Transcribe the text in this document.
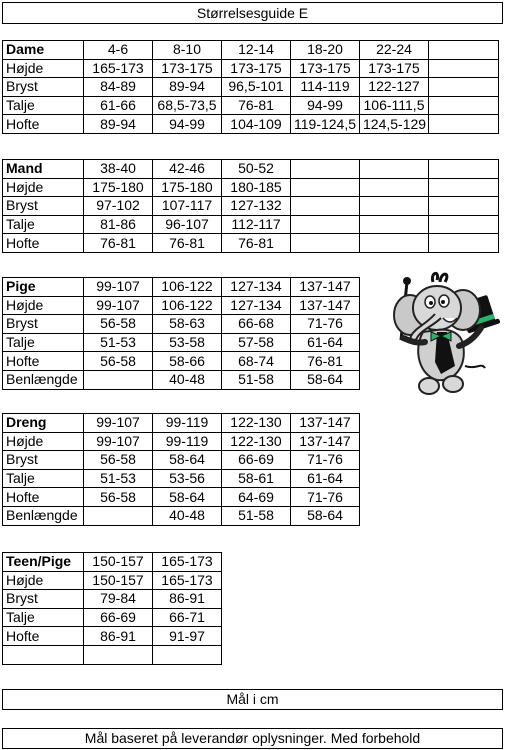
Størrelsesguide E
Dame	4-6	8-10	12-14	18-20	22-24	
Højde	165-173	173-175	173-175	173-175	173-175	
Bryst	84-89	89-94	96,5-101	114-119	122-127	
Talje	61-66	68,5-73,5	76-81	94-99	106-111,5	
Hofte	89-94	94-99	104-109	119-124,5	124,5-129	
Mand	38-40	42-46	50-52			
Højde	175-180	175-180	180-185			
Bryst	97-102	107-117	127-132			
Talje	81-86	96-107	112-117			
Hofte	76-81	76-81	76-81			
Pige	99-107	106-122	127-134	137-147
Højde	99-107	106-122	127-134	137-147
Bryst	56-58	58-63	66-68	71-76
Talje	51-53	53-58	57-58	61-64
Hofte	56-58	58-66	68-74	76-81
Benlængde		40-48	51-58	58-64
Dreng	99-107	99-119	122-130	137-147
Højde	99-107	99-119	122-130	137-147
Bryst	56-58	58-64	66-69	71-76
Talje	51-53	53-56	58-61	61-64
Hofte	56-58	58-64	64-69	71-76
Benlængde		40-48	51-58	58-64
Teen/Pige	150-157	165-173
Højde	150-157	165-173
Bryst	79-84	86-91
Talje	66-69	66-71
Hofte	86-91	91-97

Mål i cm
Mål baseret på leverandør oplysninger. Med forbehold
